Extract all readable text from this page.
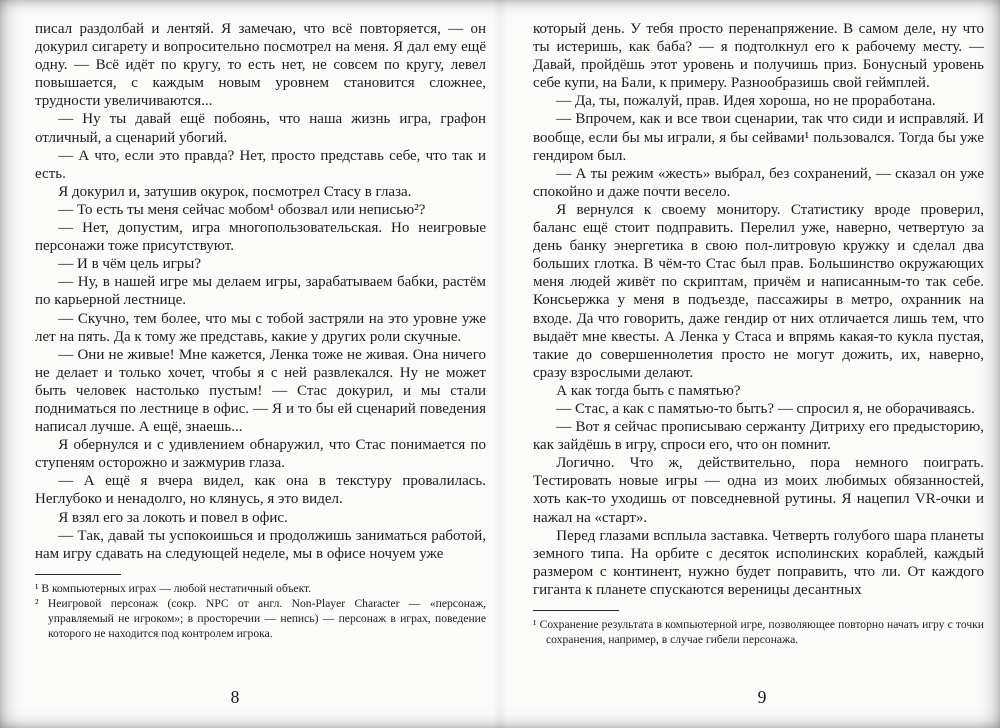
писал раздолбай и лентяй. Я замечаю, что всё повторяется, — он докурил сигарету и вопросительно посмотрел на меня. Я дал ему ещё одну. — Всё идёт по кругу, то есть нет, не совсем по кругу, левел повышается, с каждым новым уровнем становится сложнее, трудности увеличиваются...

— Ну ты давай ещё побоянь, что наша жизнь игра, графон отличный, а сценарий убогий.

— А что, если это правда? Нет, просто представь себе, что так и есть.

Я докурил и, затушив окурок, посмотрел Стасу в глаза.

— То есть ты меня сейчас мобом¹ обозвал или неписью²?

— Нет, допустим, игра многопользовательская. Но неигровые персонажи тоже присутствуют.

— И в чём цель игры?

— Ну, в нашей игре мы делаем игры, зарабатываем бабки, растём по карьерной лестнице.

— Скучно, тем более, что мы с тобой застряли на это уровне уже лет на пять. Да к тому же представь, какие у других роли скучные.

— Они не живые! Мне кажется, Ленка тоже не живая. Она ничего не делает и только хочет, чтобы я с ней развлекался. Ну не может быть человек настолько пустым! — Стас докурил, и мы стали подниматься по лестнице в офис. — Я и то бы ей сценарий поведения написал лучше. А ещё, знаешь...

Я обернулся и с удивлением обнаружил, что Стас понимается по ступеням осторожно и зажмурив глаза.

— А ещё я вчера видел, как она в текстуру провалилась. Неглубоко и ненадолго, но клянусь, я это видел.

Я взял его за локоть и повел в офис.

— Так, давай ты успокоишься и продолжишь заниматься работой, нам игру сдавать на следующей неделе, мы в офисе ночуем уже

¹ В компьютерных играх — любой нестатичный объект.

² Неигровой персонаж (сокр. NPC от англ. Non-Player Character — «персонаж, управляемый не игроком»; в просторечии — непись) — персонаж в играх, поведение которого не находится под контролем игрока.

8

который день. У тебя просто перенапряжение. В самом деле, ну что ты истеришь, как баба? — я подтолкнул его к рабочему месту. — Давай, пройдёшь этот уровень и получишь приз. Бонусный уровень себе купи, на Бали, к примеру. Разнообразишь свой геймплей.

— Да, ты, пожалуй, прав. Идея хороша, но не проработана.

— Впрочем, как и все твои сценарии, так что сиди и исправляй. И вообще, если бы мы играли, я бы сейвами¹ пользовался. Тогда бы уже гендиром был.

— А ты режим «жесть» выбрал, без сохранений, — сказал он уже спокойно и даже почти весело.

Я вернулся к своему монитору. Статистику вроде проверил, баланс ещё стоит подправить. Перелил уже, наверно, четвертую за день банку энергетика в свою пол-литровую кружку и сделал два больших глотка. В чём-то Стас был прав. Большинство окружающих меня людей живёт по скриптам, причём и написанным-то так себе. Консьержка у меня в подъезде, пассажиры в метро, охранник на входе. Да что говорить, даже гендир от них отличается лишь тем, что выдаёт мне квесты. А Ленка у Стаса и впрямь какая-то кукла пустая, такие до совершеннолетия просто не могут дожить, их, наверно, сразу взрослыми делают.

А как тогда быть с памятью?

— Стас, а как с памятью-то быть? — спросил я, не оборачиваясь.

— Вот я сейчас прописываю сержанту Дитриху его предысторию, как зайдёшь в игру, спроси его, что он помнит.

Логично. Что ж, действительно, пора немного поиграть. Тестировать новые игры — одна из моих любимых обязанностей, хоть как-то уходишь от повседневной рутины. Я нацепил VR-очки и нажал на «старт».

Перед глазами всплыла заставка. Четверть голубого шара планеты земного типа. На орбите с десяток исполинских кораблей, каждый размером с континент, нужно будет поправить, что ли. От каждого гиганта к планете спускаются вереницы десантных

¹ Сохранение результата в компьютерной игре, позволяющее повторно начать игру с точки сохранения, например, в случае гибели персонажа.

9
